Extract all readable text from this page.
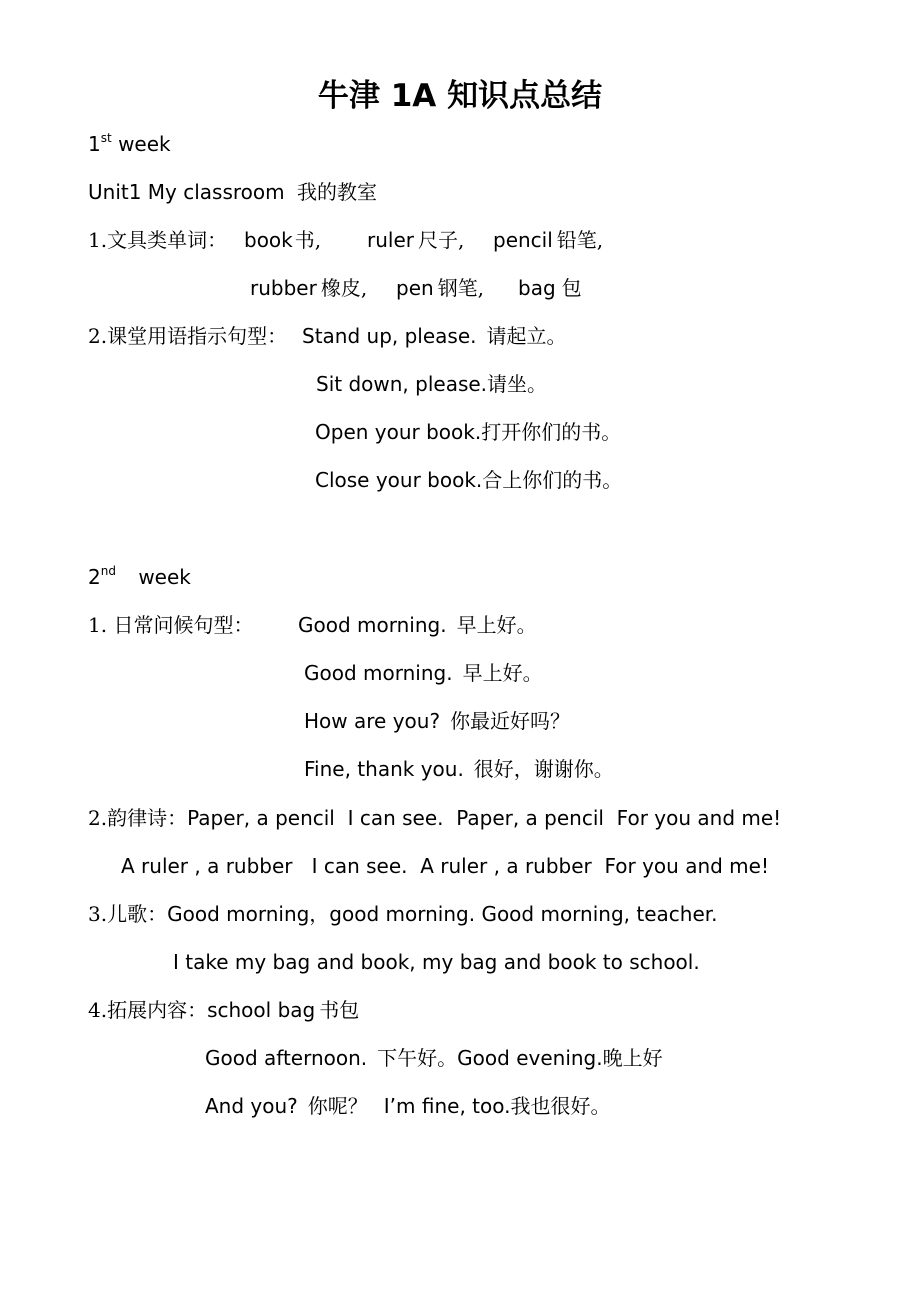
牛津 1A 知识点总结
1st week
Unit1 My classroom 我的教室
1.文具类单词： book 书, ruler 尺子, pencil 铅笔,
rubber 橡皮, pen 钢笔, bag 包
2.课堂用语指示句型： Stand up, please. 请起立。
Sit down, please.请坐。
Open your book.打开你们的书。
Close your book.合上你们的书。
2nd week
1. 日常问候句型： Good morning. 早上好。
Good morning. 早上好。
How are you? 你最近好吗？
Fine, thank you. 很好，谢谢你。
2.韵律诗：Paper, a pencil  I can see.  Paper, a pencil  For you and me!
A ruler , a rubber   I can see.  A ruler , a rubber  For you and me!
3.儿歌：Good morning，good morning. Good morning, teacher.
I take my bag and book, my bag and book to school.
4.拓展内容：school bag 书包
Good afternoon. 下午好。Good evening.晚上好
And you? 你呢？ I’m fine, too.我也很好。
